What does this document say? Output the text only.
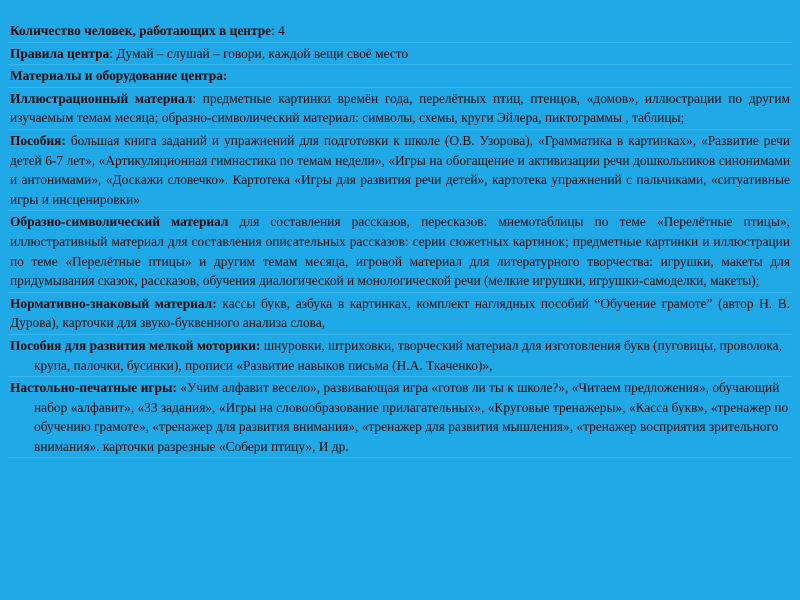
Количество человек, работающих в центре: 4
Правила центра: Думай – слушай – говори, каждой вещи своё место
Материалы и оборудование центра:
Иллюстрационный материал: предметные картинки времён года, перелётных птиц, птенцов, «домов», иллюстрации по другим изучаемым темам месяца; образно-символический материал: символы, схемы, круги Эйлера, пиктограммы , таблицы;
Пособия: большая книга заданий и упражнений для подготовки к школе (О.В. Узорова), «Грамматика в картинках», «Развитие речи детей 6-7 лет», «Артикуляционная гимнастика по темам недели», «Игры на обогащение и активизации речи дошкольников синонимами и антонимами», «Доскажи словечко». Картотека «Игры для развития речи детей», картотека упражнений с пальчиками, «ситуативные игры и инсценировки»
Образно-символический материал для составления рассказов, пересказов: мнемотаблицы по теме «Перелётные птицы», иллюстративный материал для составления описательных рассказов: серии сюжетных картинок; предметные картинки и иллюстрации по теме «Перелётные птицы» и другим темам месяца, игровой материал для литературного творчества: игрушки, макеты для придумывания сказок, рассказов, обучения диалогической и монологической речи (мелкие игрушки, игрушки-самоделки, макеты);
Нормативно-знаковый материал: кассы букв, азбука в картинках, комплект наглядных пособий “Обучение грамоте” (автор Н. В. Дурова), карточки для звуко-буквенного анализа слова,
Пособия для развития мелкой моторики: шнуровки, штриховки, творческий материал для изготовления букв (пуговицы, проволока, крупа, палочки, бусинки), прописи «Развитие навыков письма (Н.А. Ткаченко)»,
Настольно-печатные игры: «Учим алфавит весело», развивающая игра «готов ли ты к школе?», «Читаем предложения», обучающий набор «алфавит», «33 задания», «Игры на словообразование прилагательных», «Круговые тренажеры», «Касса букв», «тренажер по обучению грамоте», «тренажер для развития внимания», «тренажер для развития мышления», «тренажер восприятия зрительного внимания». карточки разрезные «Собери птицу», И др.
